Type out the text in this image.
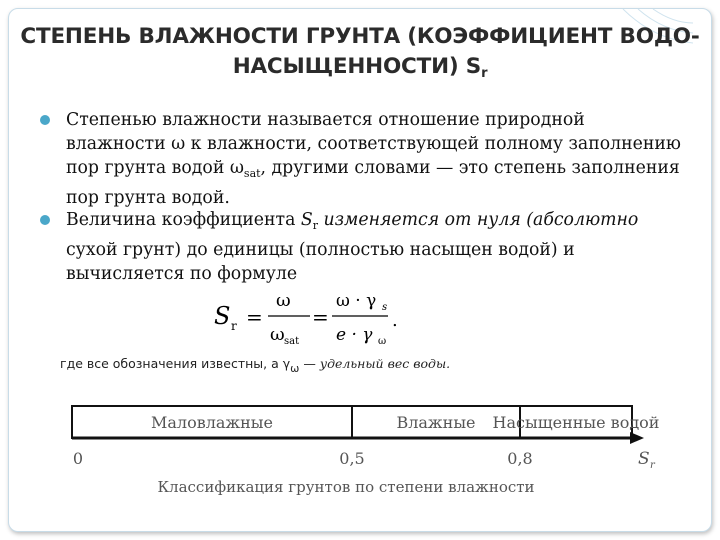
СТЕПЕНЬ ВЛАЖНОСТИ ГРУНТА (КОЭФФИЦИЕНТ ВОДО-
НАСЫЩЕННОСТИ) $S_r$
Степенью влажности называется отношение природной влажности ω к влажности, соответствующей полному заполнению пор грунта водой $\omega_{sat}$, другими словами — это степень заполнения пор грунта водой.
Величина коэффициента $S_r$ изменяется от нуля (абсолютно сухой грунт) до единицы (полностью насыщен водой) и вычисляется по формуле
S r =
ω
ω sat
=
ω · γ s
e · γ ω
.
где все обозначения известны, а γω — удельный вес воды.
Маловлажные	Влажные Насыщенные водой
0	0,5	0,8	S r
Классификация грунтов по степени влажности
